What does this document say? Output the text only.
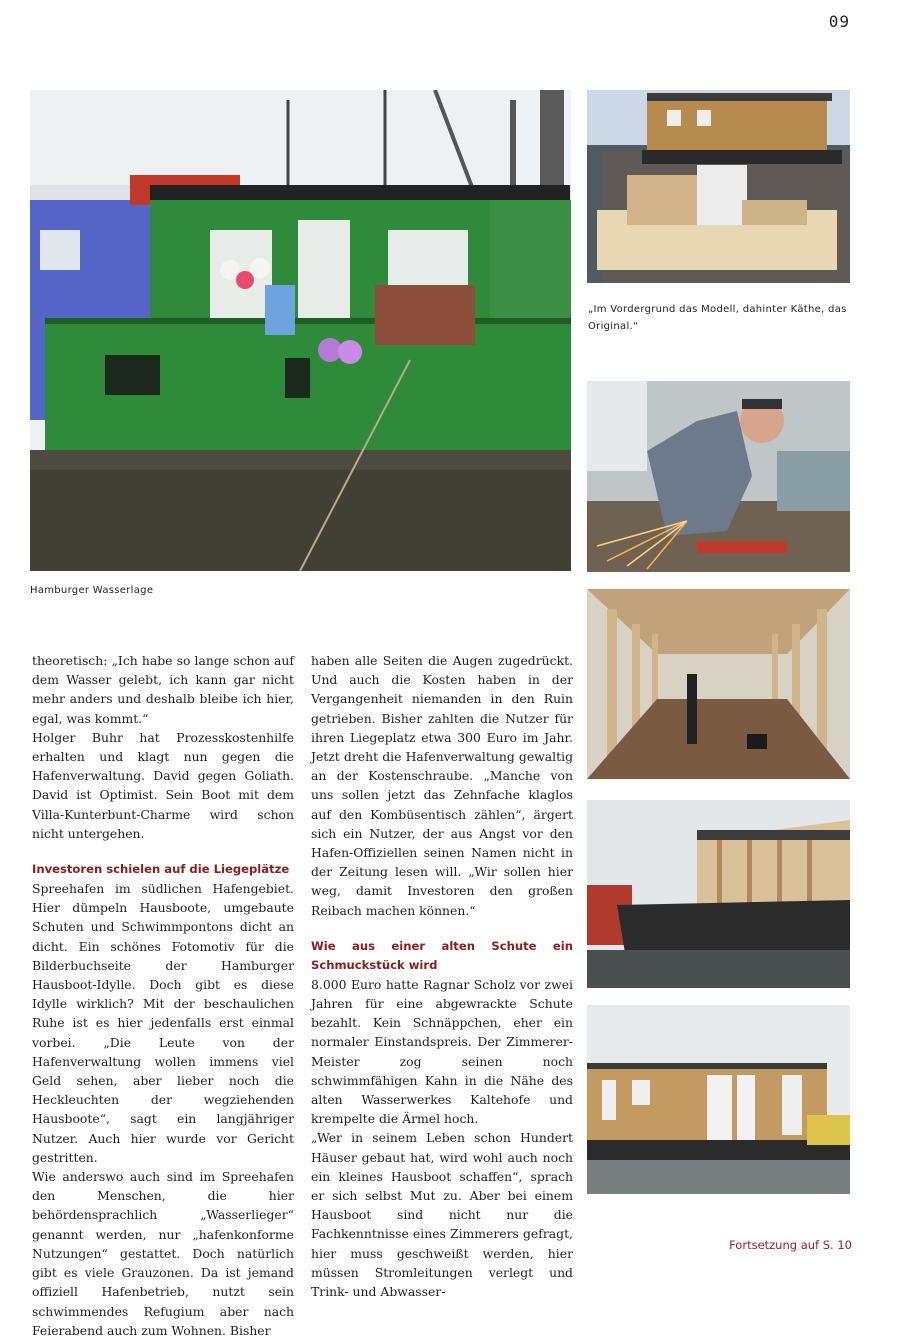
09
Hamburger Wasserlage
„Im Vordergrund das Modell, dahinter Käthe, das Original.“

theoretisch: „Ich habe so lange schon auf dem Wasser gelebt, ich kann gar nicht mehr anders und deshalb bleibe ich hier, egal, was kommt.“

Holger Buhr hat Prozesskostenhilfe erhalten und klagt nun gegen die Hafenverwaltung. David gegen Goliath. David ist Optimist. Sein Boot mit dem Villa-Kunterbunt-Charme wird schon nicht untergehen.

Investoren schielen auf die Liegeplätze

Spreehafen im südlichen Hafengebiet. Hier dümpeln Hausboote, umgebaute Schuten und Schwimmpontons dicht an dicht. Ein schönes Fotomotiv für die Bilderbuchseite der Hamburger Hausboot-Idylle. Doch gibt es diese Idylle wirklich? Mit der beschaulichen Ruhe ist es hier jedenfalls erst einmal vorbei. „Die Leute von der Hafenverwaltung wollen immens viel Geld sehen, aber lieber noch die Heckleuchten der wegziehenden Hausboote“, sagt ein langjähriger Nutzer. Auch hier wurde vor Gericht gestritten.

Wie anderswo auch sind im Spreehafen den Menschen, die hier behördensprachlich „Wasserlieger“ genannt werden, nur „hafenkonforme Nutzungen“ gestattet. Doch natürlich gibt es viele Grauzonen. Da ist jemand offiziell Hafenbetrieb, nutzt sein schwimmendes Refugium aber nach Feierabend auch zum Wohnen. Bisher

haben alle Seiten die Augen zugedrückt. Und auch die Kosten haben in der Vergangenheit niemanden in den Ruin getrieben. Bisher zahlten die Nutzer für ihren Liegeplatz etwa 300 Euro im Jahr. Jetzt dreht die Hafenverwaltung gewaltig an der Kostenschraube. „Manche von uns sollen jetzt das Zehnfache klaglos auf den Kombüsentisch zählen“, ärgert sich ein Nutzer, der aus Angst vor den Hafen-Offiziellen seinen Namen nicht in der Zeitung lesen will. „Wir sollen hier weg, damit Investoren den großen Reibach machen können.“

Wie aus einer alten Schute ein Schmuckstück wird

8.000 Euro hatte Ragnar Scholz vor zwei Jahren für eine abgewrackte Schute bezahlt. Kein Schnäppchen, eher ein normaler Einstandspreis. Der Zimmerer-Meister zog seinen noch schwimmfähigen Kahn in die Nähe des alten Wasserwerkes Kaltehofe und krempelte die Ärmel hoch.

„Wer in seinem Leben schon Hundert Häuser gebaut hat, wird wohl auch noch ein kleines Hausboot schaffen“, sprach er sich selbst Mut zu. Aber bei einem Hausboot sind nicht nur die Fachkenntnisse eines Zimmerers gefragt, hier muss geschweißt werden, hier müssen Stromleitungen verlegt und Trink- und Abwasser-

Fortsetzung auf S. 10
